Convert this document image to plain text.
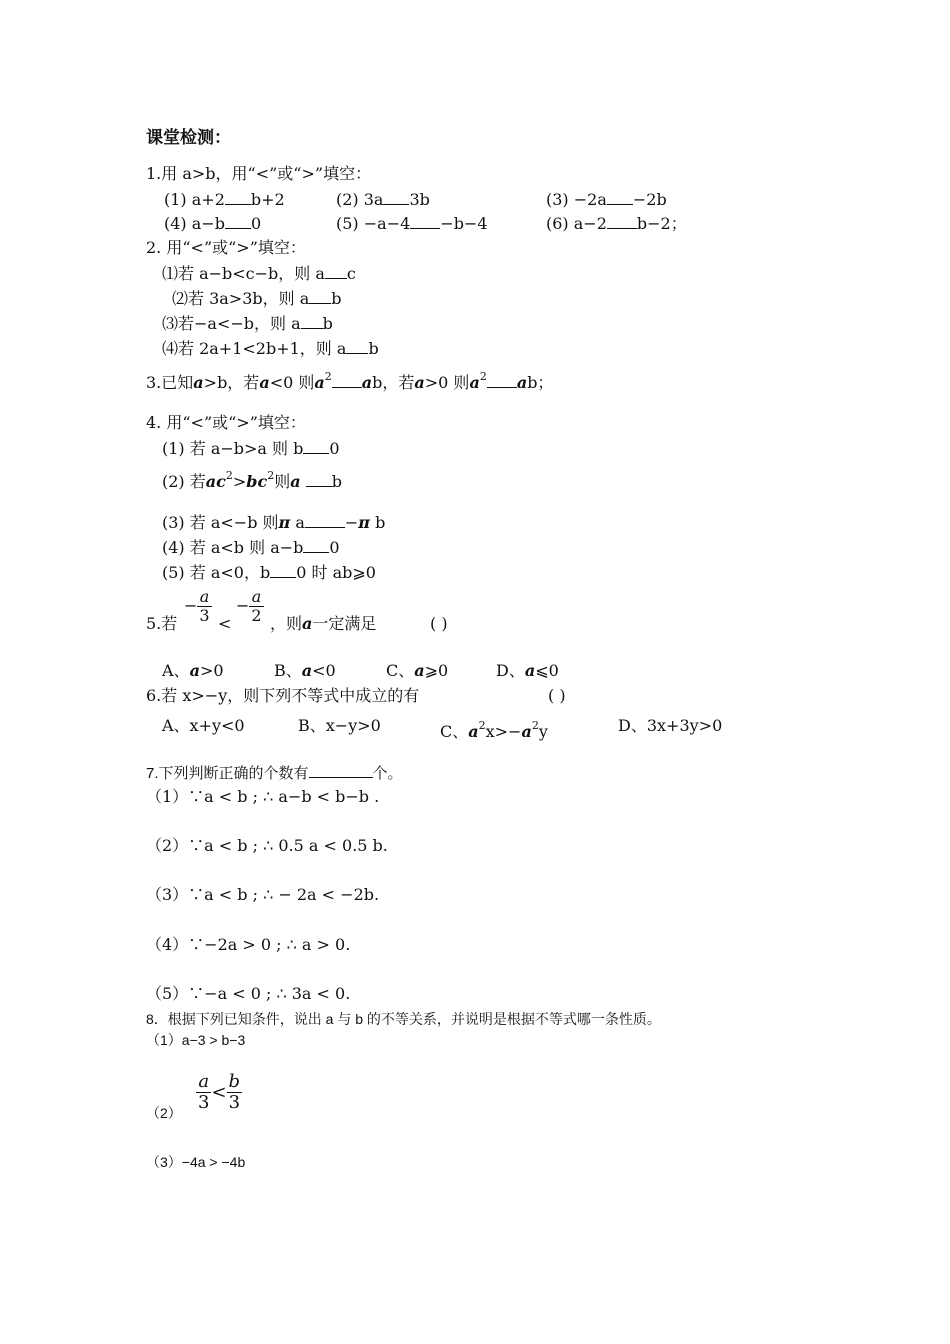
课堂检测：
1.用 a>b，用“<”或“>”填空：
(1) a+2 b+2	(2) 3a 3b	(3) −2a −2b
(4) a−b 0	(5) −a−4 −b−4	(6) a−2 b−2；
2. 用“<”或“>”填空：
⑴若 a−b<c−b，则 a c
⑵若 3a>3b，则 a b
⑶若−a<−b，则 a b
⑷若 2a+1<2b+1，则 a b
3.已知a>b，若a<0 则$a^2$ ab，若a>0 则$a^2$ ab；
4. 用“<”或“>”填空：
(1) 若 a−b>a 则 b 0
(2) 若$ac^2>bc^2$则a b
(3) 若 a<−b 则π a	−π b
(4) 若 a<b 则 a−b 0
(5) 若 a<0，b 0 时 ab⩾0
5.若
− $\frac{a}{3}$ <
− $\frac{a}{2}$ ，则a一定满足	( )
A、a>0	B、a<0	C、a⩾0	D、a⩽0
6.若 x>−y，则下列不等式中成立的有	( )
A、x+y<0	B、x−y>0	C、$a^2x>-a^2y$	D、3x+3y>0
7.下列判断正确的个数有	个。
（1）∵a < b ; ∴ a−b < b−b .
（2）∵a < b ; ∴ 0.5 a < 0.5 b.
（3）∵a < b ; ∴ − 2a < −2b.
（4）∵−2a > 0 ; ∴ a > 0.
（5）∵−a < 0 ; ∴ 3a < 0.
8．根据下列已知条件，说出 a 与 b 的不等关系，并说明是根据不等式哪一条性质。
（1）a−3 > b−3
$(2) \frac{a}{3} < \frac{b}{3}$
（3）−4a > −4b
